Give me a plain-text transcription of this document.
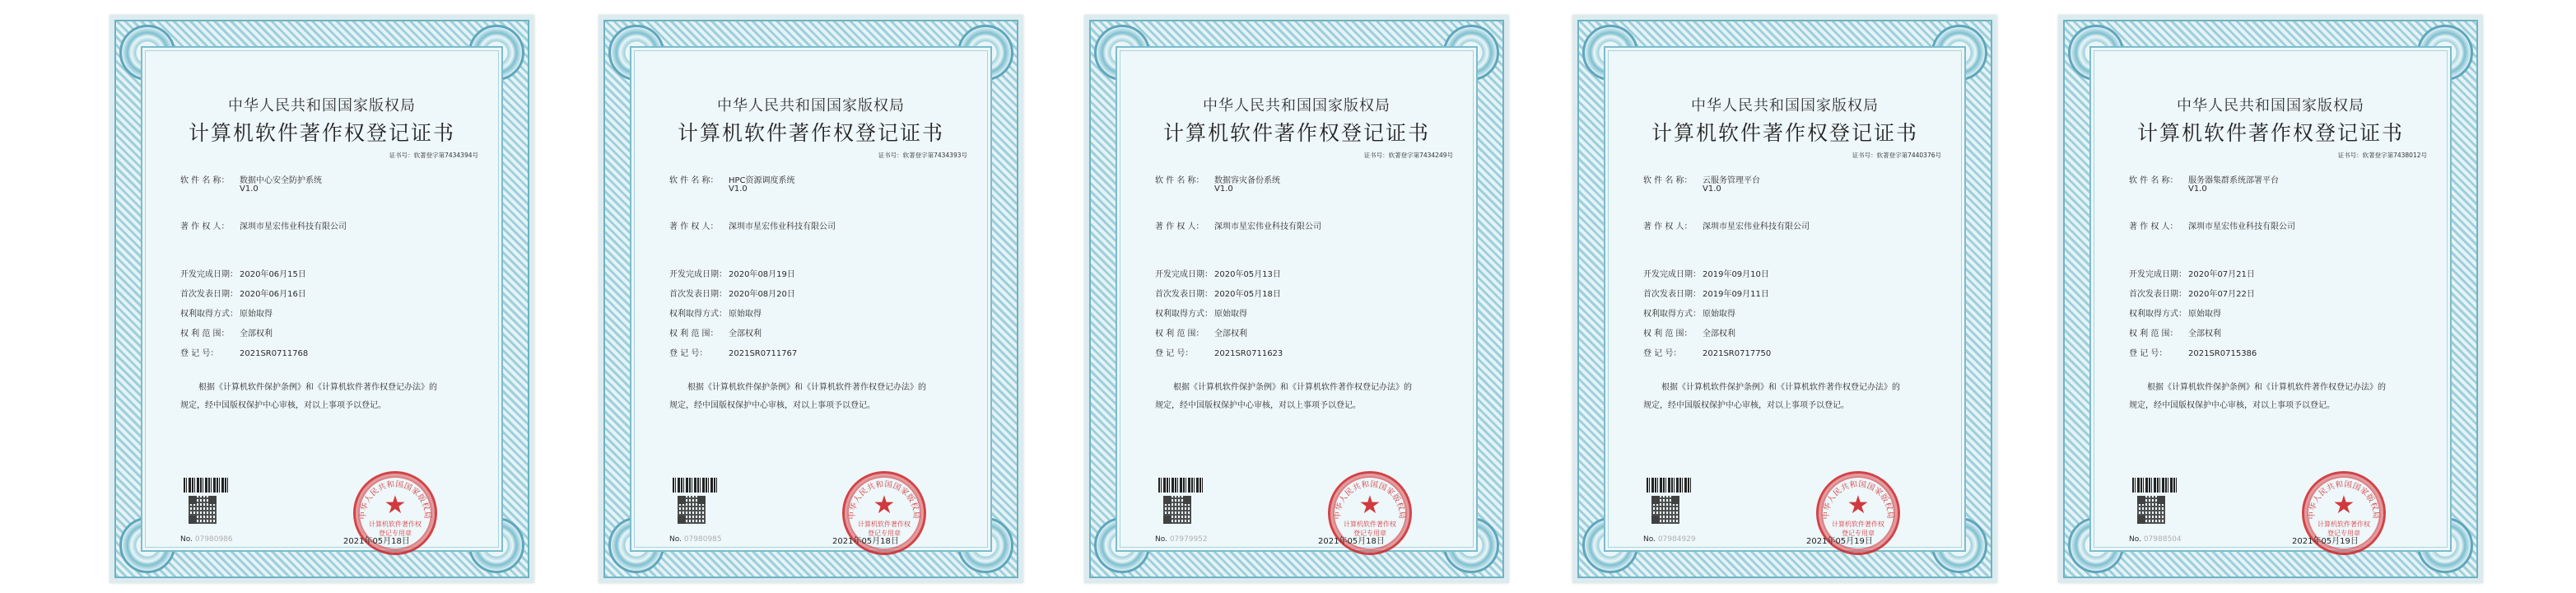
中华人民共和国国家版权局
计算机软件著作权登记证书
证书号：软著登字第7434394号
软 件 名 称： 数据中心安全防护系统
V1.0
著 作 权 人： 深圳市星宏伟业科技有限公司
开发完成日期： 2020年06月15日
首次发表日期： 2020年06月16日
权利取得方式： 原始取得
权 利 范 围： 全部权利
登 记 号：	2021SR0711768
根据《计算机软件保护条例》和《计算机软件著作权登记办法》的
规定，经中国版权保护中心审核，对以上事项予以登记。
No. 07980986
中华人民共和国国家版权局
★
计算机软件著作权
登记专用章
2021年05月18日
中华人民共和国国家版权局
计算机软件著作权登记证书
证书号：软著登字第7434393号
软 件 名 称： HPC资源调度系统
V1.0
著 作 权 人： 深圳市星宏伟业科技有限公司
开发完成日期： 2020年08月19日
首次发表日期： 2020年08月20日
权利取得方式： 原始取得
权 利 范 围： 全部权利
登 记 号：	2021SR0711767
根据《计算机软件保护条例》和《计算机软件著作权登记办法》的
规定，经中国版权保护中心审核，对以上事项予以登记。
No. 07980985
中华人民共和国国家版权局
★
计算机软件著作权
登记专用章
2021年05月18日
中华人民共和国国家版权局
计算机软件著作权登记证书
证书号：软著登字第7434249号
软 件 名 称： 数据容灾备份系统
V1.0
著 作 权 人： 深圳市星宏伟业科技有限公司
开发完成日期： 2020年05月13日
首次发表日期： 2020年05月18日
权利取得方式： 原始取得
权 利 范 围： 全部权利
登 记 号：	2021SR0711623
根据《计算机软件保护条例》和《计算机软件著作权登记办法》的
规定，经中国版权保护中心审核，对以上事项予以登记。
No. 07979952
中华人民共和国国家版权局
★
计算机软件著作权
登记专用章
2021年05月18日
中华人民共和国国家版权局
计算机软件著作权登记证书
证书号：软著登字第7440376号
软 件 名 称： 云服务管理平台
V1.0
著 作 权 人： 深圳市星宏伟业科技有限公司
开发完成日期： 2019年09月10日
首次发表日期： 2019年09月11日
权利取得方式： 原始取得
权 利 范 围： 全部权利
登 记 号：	2021SR0717750
根据《计算机软件保护条例》和《计算机软件著作权登记办法》的
规定，经中国版权保护中心审核，对以上事项予以登记。
No. 07984929
中华人民共和国国家版权局
★
计算机软件著作权
登记专用章
2021年05月19日
中华人民共和国国家版权局
计算机软件著作权登记证书
证书号：软著登字第7438012号
软 件 名 称： 服务器集群系统部署平台
V1.0
著 作 权 人： 深圳市星宏伟业科技有限公司
开发完成日期： 2020年07月21日
首次发表日期： 2020年07月22日
权利取得方式： 原始取得
权 利 范 围： 全部权利
登 记 号：	2021SR0715386
根据《计算机软件保护条例》和《计算机软件著作权登记办法》的
规定，经中国版权保护中心审核，对以上事项予以登记。
No. 07988504
中华人民共和国国家版权局
★
计算机软件著作权
登记专用章
2021年05月19日
